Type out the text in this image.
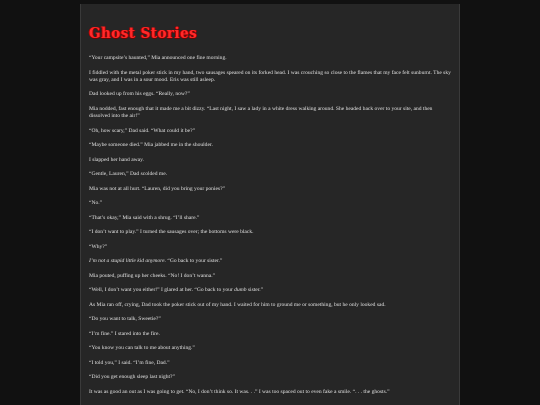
Ghost Stories

“Your campsite’s haunted,” Mia announced one fine morning.

I fiddled with the metal poker stick in my hand, two sausages speared on its forked head. I was crouching so close to the flames that my face felt sunburnt. The sky was gray, and I was in a sour mood. Eris was still asleep.

Dad looked up from his eggs. “Really, now?”

Mia nodded, fast enough that it made me a bit dizzy. “Last night, I saw a lady in a white dress walking around. She headed back over to your site, and then dissolved into the air!”

“Oh, how scary,” Dad said. “What could it be?”

“Maybe someone died.” Mia jabbed me in the shoulder.

I slapped her hand away.

“Gentle, Lauren,” Dad scolded me.

Mia was not at all hurt. “Lauren, did you bring your ponies?”

“No.”

“That’s okay,” Mia said with a shrug. “I’ll share.”

“I don’t want to play.” I turned the sausages over; the bottoms were black.

“Why?”

I’m not a stupid little kid anymore. “Go back to your sister.”

Mia pouted, puffing up her cheeks. “No! I don’t wanna.”

“Well, I don’t want you either!” I glared at her. “Go back to your dumb sister.”

As Mia ran off, crying, Dad took the poker stick out of my hand. I waited for him to ground me or something, but he only looked sad.

“Do you want to talk, Sweetie?”

“I’m fine.” I stared into the fire.

“You know you can talk to me about anything.”

“I told you,” I said. “I’m fine, Dad.”

“Did you get enough sleep last night?”

It was as good an out as I was going to get. “No, I don’t think so. It was. . .” I was too spaced out to even fake a smile. “. . . the ghosts.”
